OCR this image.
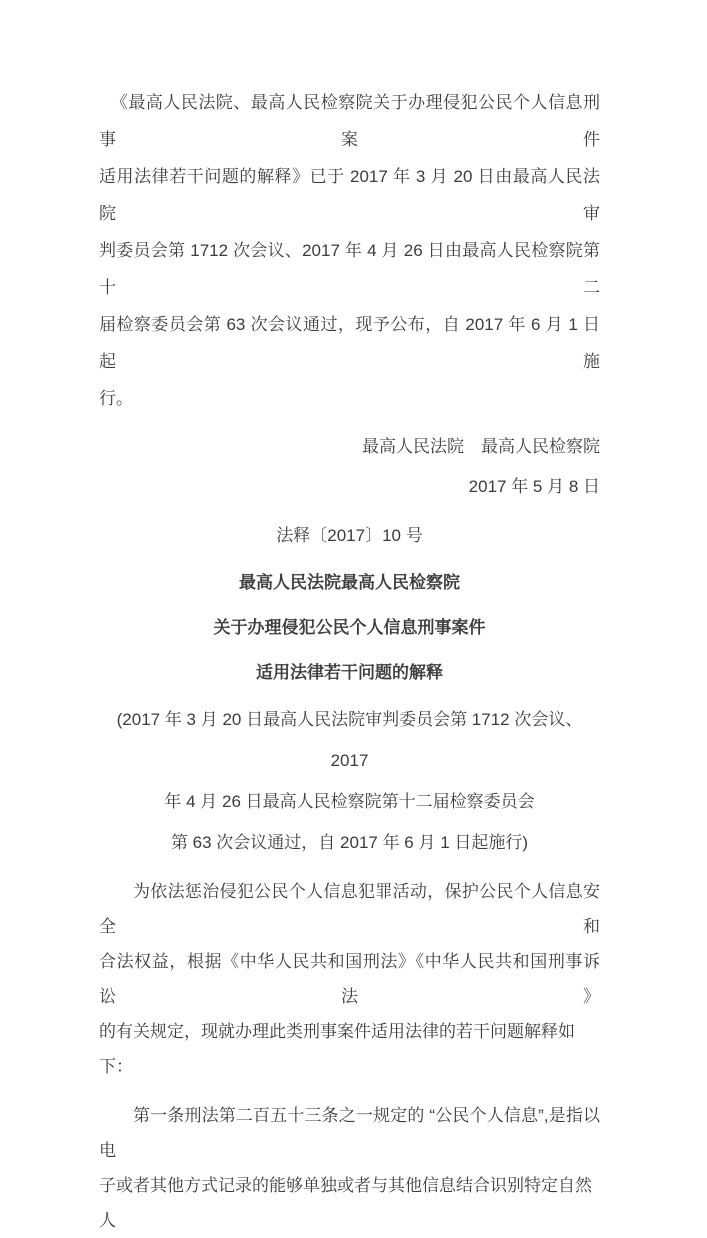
《最高人民法院、最高人民检察院关于办理侵犯公民个人信息刑事案件
适用法律若干问题的解释》已于 2017 年 3 月 20 日由最高人民法院审
判委员会第 1712 次会议、2017 年 4 月 26 日由最高人民检察院第十二
届检察委员会第 63 次会议通过，现予公布，自 2017 年 6 月 1 日起施
行。
最高人民法院　最高人民检察院
2017 年 5 月 8 日
法释〔2017〕10 号
最高人民法院最高人民检察院
关于办理侵犯公民个人信息刑事案件
适用法律若干问题的解释
(2017 年 3 月 20 日最高人民法院审判委员会第 1712 次会议、2017
年 4 月 26 日最高人民检察院第十二届检察委员会
第 63 次会议通过，自 2017 年 6 月 1 日起施行)
为依法惩治侵犯公民个人信息犯罪活动，保护公民个人信息安全和
合法权益，根据《中华人民共和国刑法》《中华人民共和国刑事诉讼法》
的有关规定，现就办理此类刑事案件适用法律的若干问题解释如下：
第一条刑法第二百五十三条之一规定的 “公民个人信息”,是指以电
子或者其他方式记录的能够单独或者与其他信息结合识别特定自然人
